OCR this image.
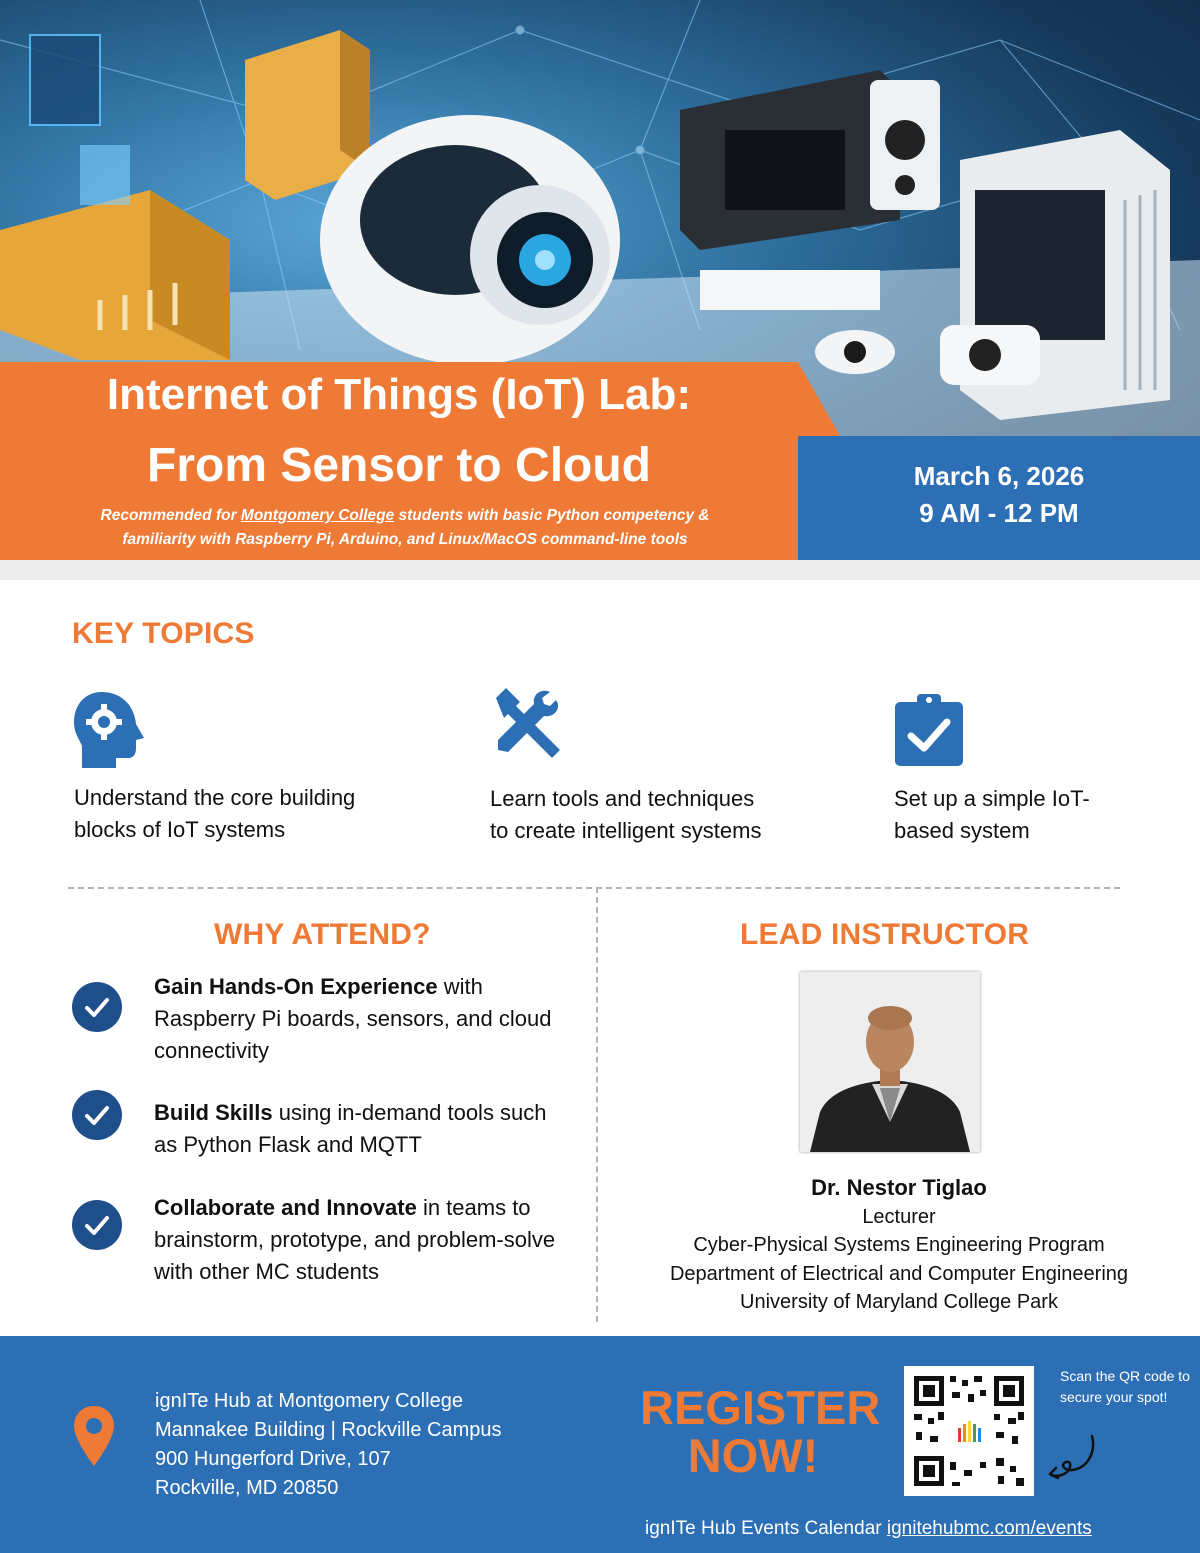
Internet of Things (IoT) Lab:
From Sensor to Cloud
Recommended for Montgomery College students with basic Python competency &
familiarity with Raspberry Pi, Arduino, and Linux/MacOS command-line tools
March 6, 2026
9 AM - 12 PM
KEY TOPICS
Understand the core building
blocks of IoT systems
Learn tools and techniques
to create intelligent systems
Set up a simple IoT-
based system
WHY ATTEND?
Gain Hands-On Experience with Raspberry Pi boards, sensors, and cloud connectivity
Build Skills using in-demand tools such as Python Flask and MQTT
Collaborate and Innovate in teams to brainstorm, prototype, and problem-solve with other MC students
LEAD INSTRUCTOR
Dr. Nestor Tiglao
Lecturer
Cyber-Physical Systems Engineering Program
Department of Electrical and Computer Engineering
University of Maryland College Park
ignITe Hub at Montgomery College
Mannakee Building | Rockville Campus
900 Hungerford Drive, 107
Rockville, MD 20850
REGISTER
NOW!
Scan the QR code to secure your spot!
ignITe Hub Events Calendar ignitehubmc.com/events
